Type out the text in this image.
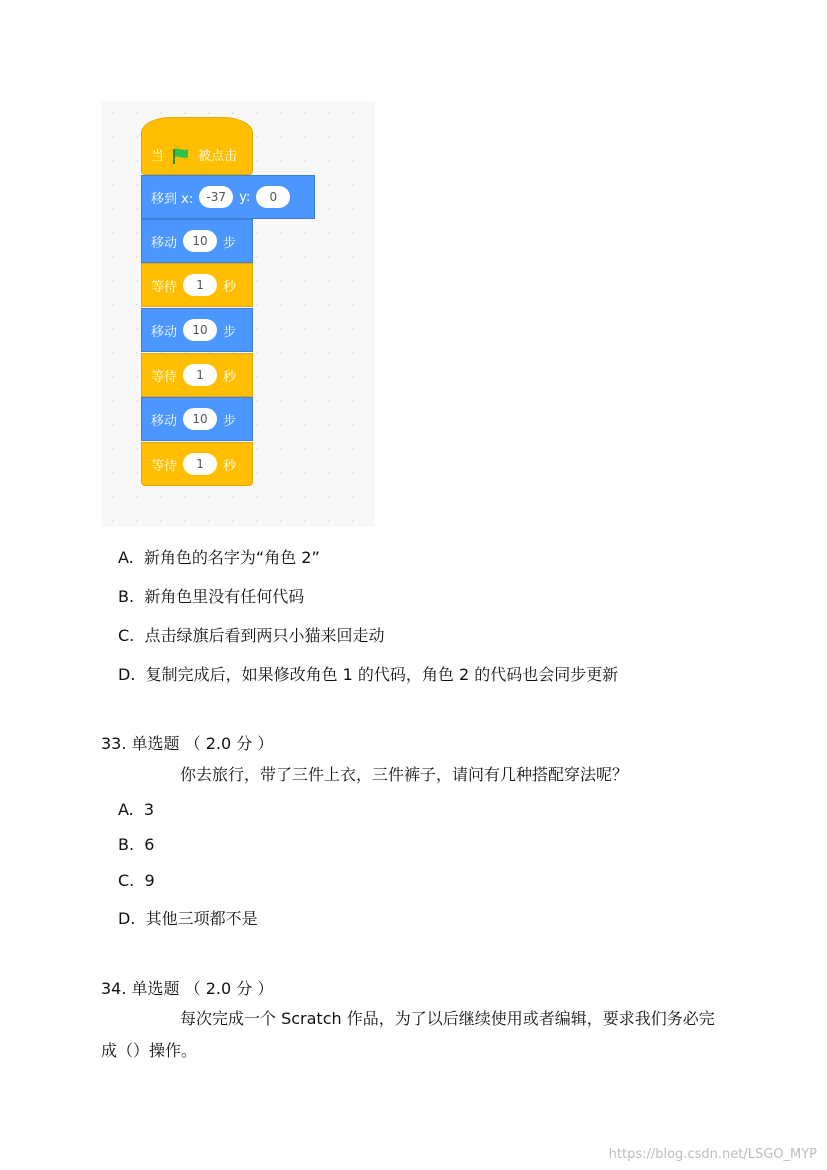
当	被点击
移到 x:	-37	y:	0
移动	10	步
等待	1	秒
移动	10	步
等待	1	秒
移动	10	步
等待	1	秒
A. 新角色的名字为“角色 2”
B. 新角色里没有任何代码
C. 点击绿旗后看到两只小猫来回走动
D. 复制完成后，如果修改角色 1 的代码，角色 2 的代码也会同步更新
33. 单选题 （ 2.0 分 ）
你去旅行，带了三件上衣，三件裤子，请问有几种搭配穿法呢？
A. 3
B. 6
C. 9
D. 其他三项都不是
34. 单选题 （ 2.0 分 ）
每次完成一个 Scratch 作品，为了以后继续使用或者编辑，要求我们务必完
成（）操作。
https://blog.csdn.net/LSGO_MYP
